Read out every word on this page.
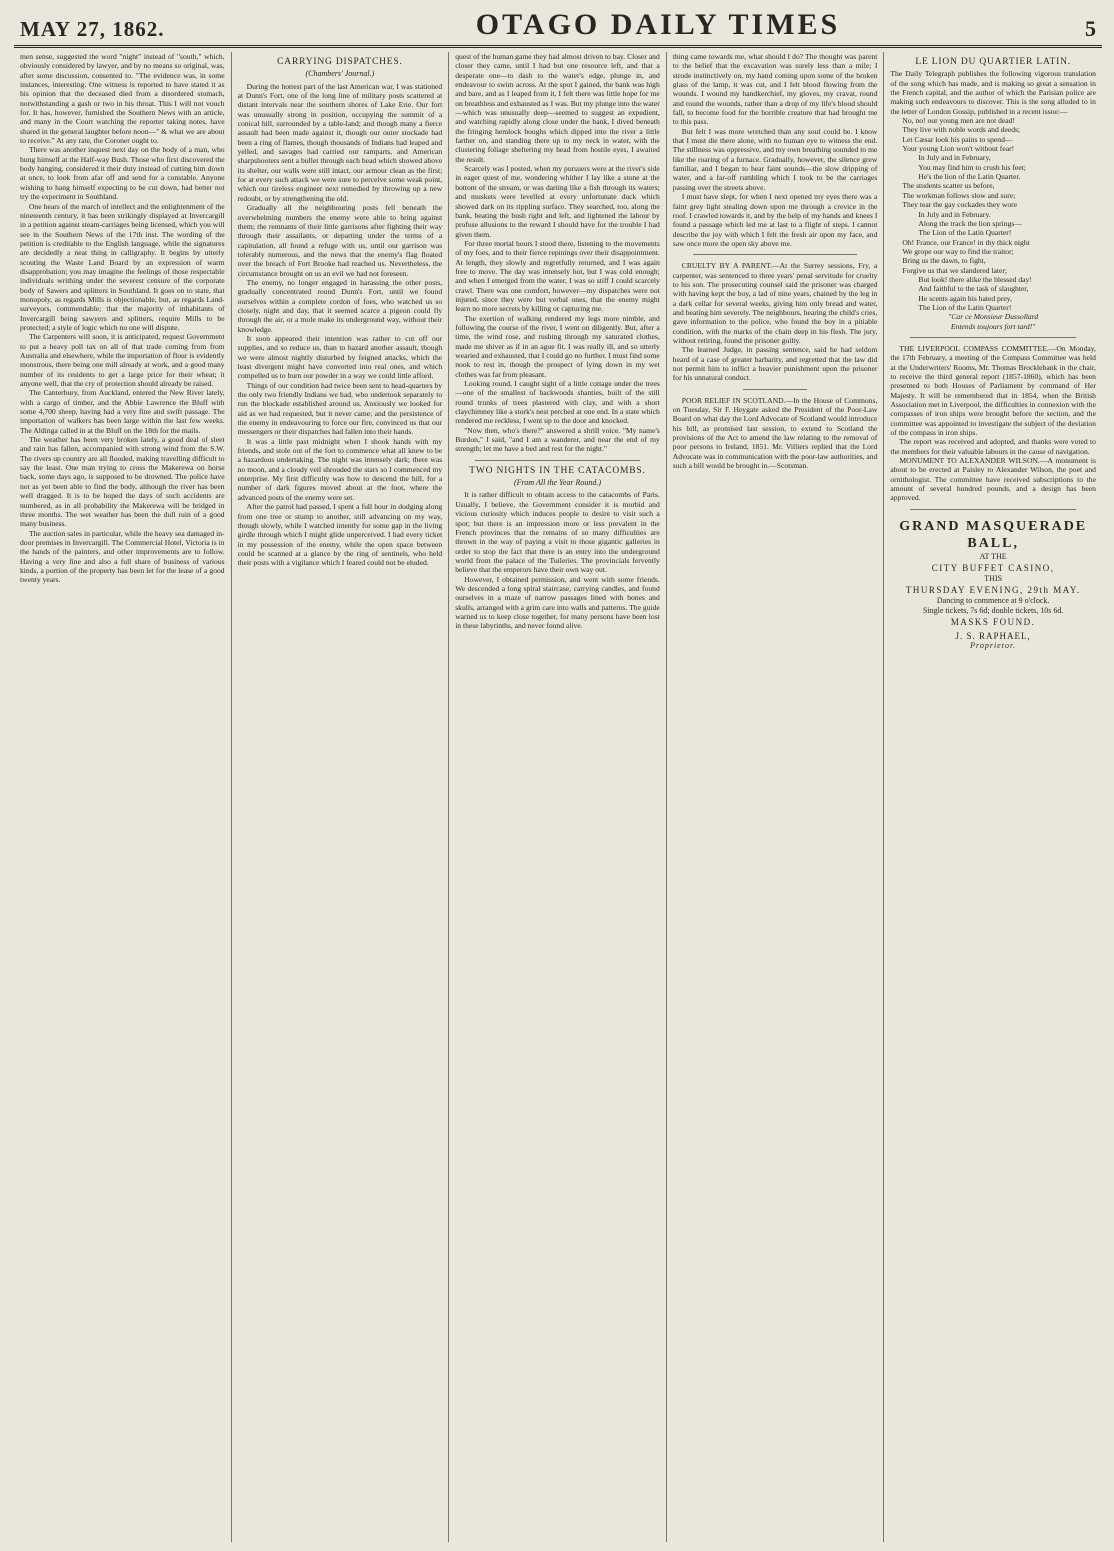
MAY 27, 1862.	OTAGO DAILY TIMES	5

men sense, suggested the word "night" instead of "south," which, obviously considered by lawyer, and by no means so original, was, after some discussion, consented to. "The evidence was, in some instances, interesting. One witness is reported to have stated it as his opinion that the deceased died from a disordered stomach, notwithstanding a gash or two in his throat. This I will not vouch for. It has, however, furnished the Southern News with an article, and many in the Court watching the reporter taking notes, have shared in the general laughter before noon—" & what we are about to receive." At any rate, the Coroner ought to.

There was another inquest next day on the body of a man, who hung himself at the Half-way Bush. Those who first discovered the body hanging, considered it their duty instead of cutting him down at once, to look from afar off and send for a constable. Anyone wishing to hang himself expecting to be cut down, had better not try the experiment in Southland.

One hears of the march of intellect and the enlightenment of the nineteenth century, it has been strikingly displayed at Invercargill in a petition against steam-carriages being licensed, which you will see in the Southern News of the 17th inst. The wording of the petition is creditable to the English language, while the signatures are decidedly a neat thing in calligraphy. It begins by utterly scouting the Waste Land Board by an expression of warm disapprobation; you may imagine the feelings of those respectable individuals writhing under the severest censure of the corporate body of Sawers and splitters in Southland. It goes on to state, that monopoly, as regards Mills is objectionable, but, as regards Land-surveyors, commendable; that the majority of inhabitants of Invercargill being sawyers and splitters, require Mills to be protected; a style of logic which no one will dispute.

The Carpenters will soon, it is anticipated, request Government to put a heavy poll tax on all of that trade coming from from Australia and elsewhere, while the importation of flour is evidently monstrous, there being one mill already at work, and a good many number of its residents to get a large price for their wheat; it anyone well, that the cry of protection should already be raised.

The Canterbury, from Auckland, entered the New River lately, with a cargo of timber, and the Abbie Lawrence the Bluff with some 4,700 sheep, having had a very fine and swift passage. The importation of walkers has been large within the last few weeks. The Aldinga called in at the Bluff on the 18th for the mails.

The weather has been very broken lately, a good deal of sleet and rain has fallen, accompanied with strong wind from the S.W. The rivers up country are all flooded, making travelling difficult to say the least. One man trying to cross the Makerewa on horse back, some days ago, is supposed to be drowned. The police have not as yet been able to find the body, although the river has been well dragged. It is to be hoped the days of such accidents are numbered, as in all probability the Makerewa will be bridged in three months. The wet weather has been the dull ruin of a good many business.

The auction sales in particular, while the heavy sea damaged in-door premises in Invercargill. The Commercial Hotel, Victoria is in the hands of the painters, and other improvements are to follow. Having a very fine and also a full share of business of various kinds, a portion of the property has been let for the lease of a good twenty years.

CARRYING DISPATCHES.
(Chambers' Journal.)

During the hottest part of the last American war, I was stationed at Dunn's Fort, one of the long line of military posts scattered at distant intervals near the southern shores of Lake Erie. Our fort was unusually strong in position, occupying the summit of a conical hill, surrounded by a table-land; and though many a fierce assault had been made against it, though our outer stockade had been a ring of flames, though thousands of Indians had leaped and yelled, and savages had carried our ramparts, and American sharpshooters sent a bullet through each head which showed above its shelter, our walls were still intact, our armour clean as the first; for at every such attack we were sure to perceive some weak point, which our tireless engineer next remedied by throwing up a new redoubt, or by strengthening the old.

Gradually all the neighbouring posts fell beneath the overwhelming numbers the enemy were able to bring against them; the remnants of their little garrisons after fighting their way through their assailants, or departing under the terms of a capitulation, all found a refuge with us, until our garrison was tolerably numerous, and the news that the enemy's flag floated over the breach of Fort Brooke had reached us. Nevertheless, the circumstance brought on us an evil we had not foreseen.

The enemy, no longer engaged in harassing the other posts, gradually concentrated round Dunn's Fort, until we found ourselves within a complete cordon of foes, who watched us so closely, night and day, that it seemed scarce a pigeon could fly through the air, or a mole make its underground way, without their knowledge.

It soon appeared their intention was rather to cut off our supplies, and so reduce us, than to hazard another assault, though we were almost nightly disturbed by feigned attacks, which the least divergent might have converted into real ones, and which compelled us to burn our powder in a way we could little afford.

Things of our condition had twice been sent to head-quarters by the only two friendly Indians we had, who undertook separately to run the blockade established around us. Anxiously we looked for aid as we had requested, but it never came; and the persistence of the enemy in endeavouring to force our fire, convinced us that our messengers or their dispatches had fallen into their hands.

It was a little past midnight when I shook hands with my friends, and stole out of the fort to commence what all knew to be a hazardous undertaking. The night was intensely dark; there was no moon, and a cloudy veil shrouded the stars so I commenced my enterprise. My first difficulty was how to descend the hill, for a number of dark figures moved about at the foot, where the advanced posts of the enemy were set.

After the patrol had passed, I spent a full hour in dodging along from one tree or stump to another, still advancing on my way, though slowly, while I watched intently for some gap in the living girdle through which I might glide unperceived. I had every ticket in my possession of the enemy, while the open space between could be scanned at a glance by the ring of sentinels, who held their posts with a vigilance which I feared could not be eluded.

quest of the human game they had almost driven to bay. Closer and closer they came, until I had but one resource left, and that a desperate one—to dash to the water's edge, plunge in, and endeavour to swim across. At the spot I gained, the bank was high and bare, and as I leaped from it, I felt there was little hope for me on breathless and exhausted as I was. But my plunge into the water—which was unusually deep—seemed to suggest an expedient, and watching rapidly along close under the bank, I dived beneath the fringing hemlock boughs which dipped into the river a little farther on, and standing there up to my neck in water, with the clustering foliage sheltering my head from hostile eyes, I awaited the result.

Scarcely was I posted, when my pursuers were at the river's side in eager quest of me, wondering whither I lay like a stone at the bottom of the stream, or was darting like a fish through its waters; and muskets were levelled at every unfortunate duck which showed dark on its rippling surface. They searched, too, along the bank, beating the bush right and left, and lightened the labour by profuse allusions to the reward I should have for the trouble I had given them.

For three mortal hours I stood there, listening to the movements of my foes, and to their fierce repinings over their disappointment. At length, they slowly and regretfully returned, and I was again free to move. The day was intensely hot, but I was cold enough; and when I emerged from the water, I was so stiff I could scarcely crawl. There was one comfort, however—my dispatches were not injured, since they were but verbal ones, that the enemy might learn no more secrets by killing or capturing me.

The exertion of walking rendered my legs more nimble, and following the course of the river, I went on diligently. But, after a time, the wind rose, and rushing through my saturated clothes, made me shiver as if in an ague fit. I was really ill, and so utterly wearied and exhausted, that I could go no further. I must find some nook to rest in, though the prospect of lying down in my wet clothes was far from pleasant.

Looking round, I caught sight of a little cottage under the trees—one of the smallest of backwoods shanties, built of the still round trunks of trees plastered with clay, and with a short claychimney like a stork's nest perched at one end. In a state which rendered me reckless, I went up to the door and knocked.

"Now then, who's there?" answered a shrill voice. "My name's Burdon," I said, "and I am a wanderer, and near the end of my strength; let me have a bed and rest for the night."

TWO NIGHTS IN THE CATACOMBS.
(From All the Year Round.)

It is rather difficult to obtain access to the catacombs of Paris. Usually, I believe, the Government consider it is morbid and vicious curiosity which induces people to desire to visit such a spot; but there is an impression more or less prevalent in the French provinces that the remains of so many difficulties are thrown in the way of paying a visit to those gigantic galleries in order to stop the fact that there is an entry into the underground world from the palace of the Tuileries. The provincials fervently believe that the emperors have their own way out.

However, I obtained permission, and went with some friends. We descended a long spiral staircase, carrying candles, and found ourselves in a maze of narrow passages lined with bones and skulls, arranged with a grim care into walls and patterns. The guide warned us to keep close together, for many persons have been lost in these labyrinths, and never found alive.

thing came towards me, what should I do? The thought was parent to the belief that the excavation was surely less than a mile; I strode instinctively on, my hand coming upon some of the broken glass of the lamp, it was cut, and I felt blood flowing from the wounds. I wound my handkerchief, my gloves, my cravat, round and round the wounds, rather than a drop of my life's blood should fall, to become food for the horrible creature that had brought me to this pass.

But felt I was more wretched than any soul could be. I know that I must die there alone, with no human eye to witness the end. The stillness was oppressive, and my own breathing sounded to me like the roaring of a furnace. Gradually, however, the silence grew familiar, and I began to hear faint sounds—the slow dripping of water, and a far-off rumbling which I took to be the carriages passing over the streets above.

I must have slept, for when I next opened my eyes there was a faint grey light stealing down upon me through a crevice in the roof. I crawled towards it, and by the help of my hands and knees I found a passage which led me at last to a flight of steps. I cannot describe the joy with which I felt the fresh air upon my face, and saw once more the open sky above me.

CRUELTY BY A PARENT.—At the Surrey sessions, Fry, a carpenter, was sentenced to three years' penal servitude for cruelty to his son. The prosecuting counsel said the prisoner was charged with having kept the boy, a lad of nine years, chained by the leg in a dark cellar for several weeks, giving him only bread and water, and beating him severely. The neighbours, hearing the child's cries, gave information to the police, who found the boy in a pitiable condition, with the marks of the chain deep in his flesh. The jury, without retiring, found the prisoner guilty.

The learned Judge, in passing sentence, said he had seldom heard of a case of greater barbarity, and regretted that the law did not permit him to inflict a heavier punishment upon the prisoner for his unnatural conduct.

POOR RELIEF IN SCOTLAND.—In the House of Commons, on Tuesday, Sir F. Heygate asked the President of the Poor-Law Board on what day the Lord Advocate of Scotland would introduce his bill, as promised last session, to extend to Scotland the provisions of the Act to amend the law relating to the removal of poor persons to Ireland, 1851. Mr. Villiers replied that the Lord Advocate was in communication with the poor-law authorities, and such a bill would be brought in.—Scotsman.

LE LION DU QUARTIER LATIN.

The Daily Telegraph publishes the following vigorous translation of the song which has made, and is making so great a sensation in the French capital, and the author of which the Parisian police are making such endeavours to discover. This is the song alluded to in the letter of London Gossip, published in a recent issue:—

No, no! our young men are not dead!

They live with noble words and deeds;

Let Cæsar look his pains to spend—

Your young Lion won't without fear!

In July and in February,

You may find him to crush his feet;

He's the lion of the Latin Quarter.

The students scatter us before,

The workman follows slow and sure;

They tear the gay cockades they wore

In July and in February.

Along the track the lion springs—

The Lion of the Latin Quarter!

Oh! France, our France! in thy thick night

We grope our way to find the traitor;

Bring us the dawn, to fight,

Forgive us that we slandered later;

But look! there alike the blessed day!

And faithful to the task of slaughter,

He scents again his hated prey,

The Lion of the Latin Quarter!

"Car ce Monsieur Dussollard
Entends toujours fort tard!"

THE LIVERPOOL COMPASS COMMITTEE.—On Monday, the 17th February, a meeting of the Compass Committee was held at the Underwriters' Rooms, Mr. Thomas Brocklebank in the chair, to receive the third general report (1857-1860), which has been presented to both Houses of Parliament by command of Her Majesty. It will be remembered that in 1854, when the British Association met in Liverpool, the difficulties in connexion with the compasses of iron ships were brought before the section, and the committee was appointed to investigate the subject of the deviation of the compass in iron ships.

The report was received and adopted, and thanks were voted to the members for their valuable labours in the cause of navigation.

MONUMENT TO ALEXANDER WILSON.—A monument is about to be erected at Paisley to Alexander Wilson, the poet and ornithologist. The committee have received subscriptions to the amount of several hundred pounds, and a design has been approved.

GRAND MASQUERADE BALL,
AT THE
CITY BUFFET CASINO,
THIS
THURSDAY EVENING, 29th MAY.
Dancing to commence at 9 o'clock.
Single tickets, 7s 6d; double tickets, 10s 6d.
MASKS FOUND.
J. S. RAPHAEL,
Proprietor.
